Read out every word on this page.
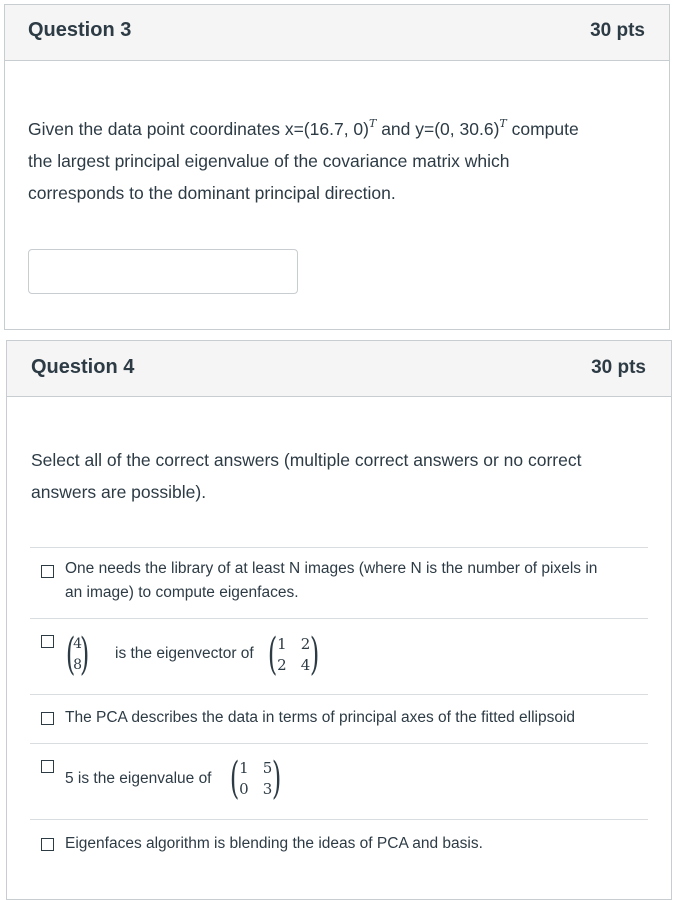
Question 3	30 pts
Given the data point coordinates x=(16.7, 0)$^T$ and y=(0, 30.6)$^T$ compute
the largest principal eigenvalue of the covariance matrix which
corresponds to the dominant principal direction.
Question 4	30 pts
Select all of the correct answers (multiple correct answers or no correct
answers are possible).
One needs the library of at least N images (where N is the number of pixels in
an image) to compute eigenfaces.
(
4
8
) is the eigenvector of ( 1 2
2 4 )
The PCA describes the data in terms of principal axes of the fitted ellipsoid
5 is the eigenvalue of ( 1 5
0 3 )
Eigenfaces algorithm is blending the ideas of PCA and basis.
